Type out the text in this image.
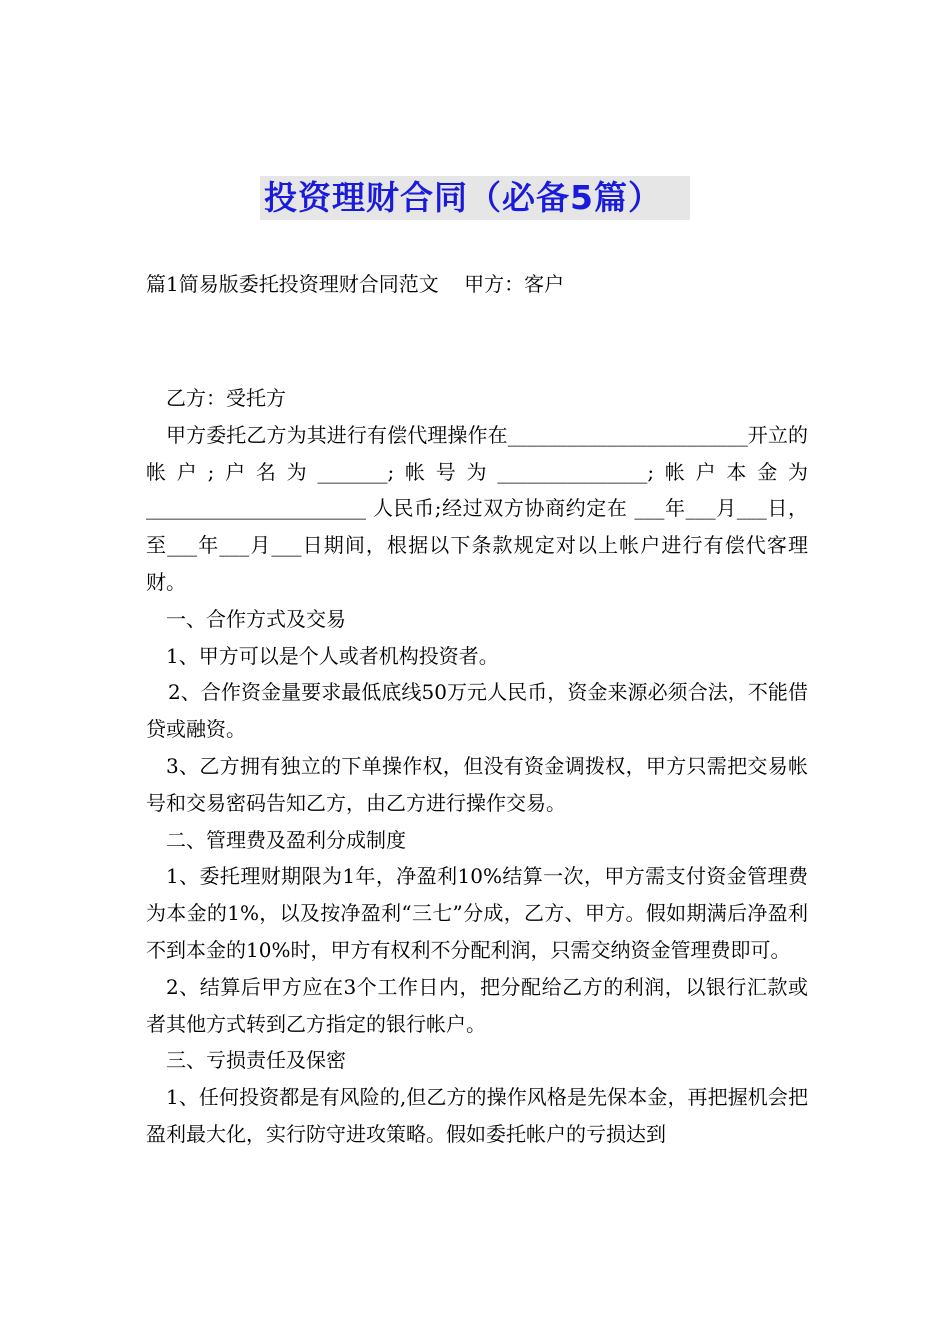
投资理财合同（必备5篇）
篇1简易版委托投资理财合同范文    甲方：客户

乙方：受托方

甲方委托乙方为其进行有偿代理操作在________________________开立的帐户;户名为_______;帐号为_______________;帐户本金为______________________ 人民币;经过双方协商约定在 ___年___月___日，至___年___月___日期间，根据以下条款规定对以上帐户进行有偿代客理财。

一、合作方式及交易

1、甲方可以是个人或者机构投资者。

2、合作资金量要求最低底线50万元人民币，资金来源必须合法，不能借贷或融资。

3、乙方拥有独立的下单操作权，但没有资金调拨权，甲方只需把交易帐号和交易密码告知乙方，由乙方进行操作交易。

二、管理费及盈利分成制度

1、委托理财期限为1年，净盈利10%结算一次，甲方需支付资金管理费为本金的1%，以及按净盈利“三七”分成，乙方、甲方。假如期满后净盈利不到本金的10%时，甲方有权利不分配利润，只需交纳资金管理费即可。

2、结算后甲方应在3个工作日内，把分配给乙方的利润，以银行汇款或者其他方式转到乙方指定的银行帐户。

三、亏损责任及保密

1、任何投资都是有风险的,但乙方的操作风格是先保本金，再把握机会把盈利最大化，实行防守进攻策略。假如委托帐户的亏损达到
